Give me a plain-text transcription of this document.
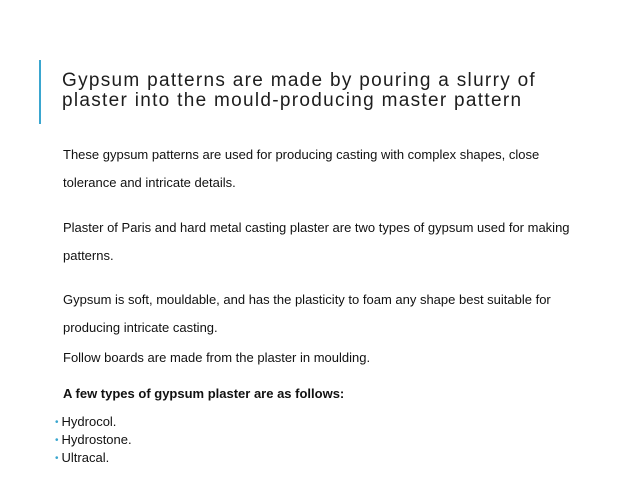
Gypsum patterns are made by pouring a slurry of
plaster into the mould-producing master pattern

These gypsum patterns are used for producing casting with complex shapes, close

tolerance and intricate details.

Plaster of Paris and hard metal casting plaster are two types of gypsum used for making

patterns.

Gypsum is soft, mouldable, and has the plasticity to foam any shape best suitable for

producing intricate casting.

Follow boards are made from the plaster in moulding.

A few types of gypsum plaster are as follows:

• Hydrocol.
• Hydrostone.
• Ultracal.
